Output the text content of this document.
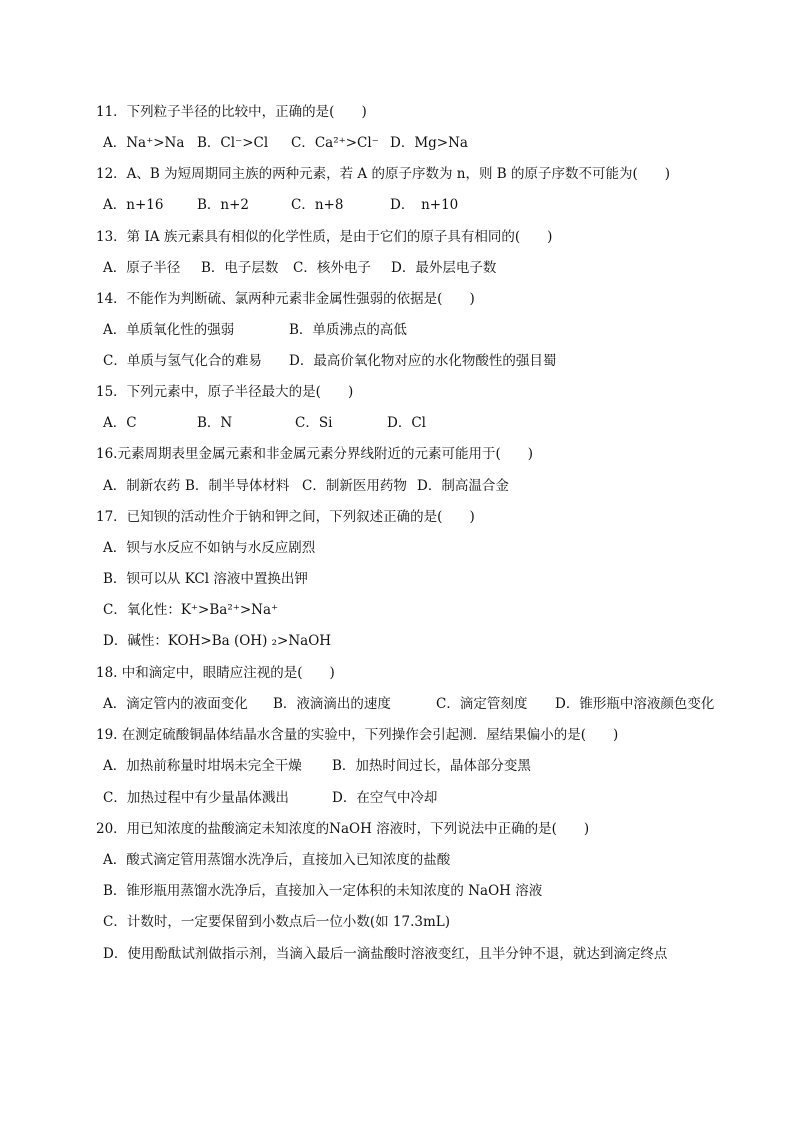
11．下列粒子半径的比较中，正确的是(　　)
A．Na⁺>Na B．Cl⁻>Cl C．Ca²⁺>Cl⁻ D．Mg>Na
12．A、B 为短周期同主族的两种元素，若 A 的原子序数为 n，则 B 的原子序数不可能为(　　)
A．n+16 B．n+2	C．n+8	D．　n+10
13．第 IA 族元素具有相似的化学性质，是由于它们的原子具有相同的(　　)
A．原子半径 B．电子层数 C．核外电子 D．最外层电子数
14．不能作为判断硫、氯两种元素非金属性强弱的依据是(　　)
A．单质氧化性的强弱	B．单质沸点的高低
C．单质与氢气化合的难易 D．最高价氧化物对应的水化物酸性的强目蜀
15．下列元素中，原子半径最大的是(　　)
A．C	B．N	C．Si	D．Cl
16.元素周期表里金属元素和非金属元素分界线附近的元素可能用于(　　)
A．制新农药 B．制半导体材料 C．制新医用药物 D．制高温合金
17．已知钡的活动性介于钠和钾之间，下列叙述正确的是(　　)
A．钡与水反应不如钠与水反应剧烈
B．钡可以从 KCl 溶液中置换出钾
C．氧化性：K⁺>Ba²⁺>Na⁺
D．碱性：KOH>Ba (OH) ₂>NaOH
18. 中和滴定中，眼睛应注视的是(　　)
A．滴定管内的液面变化 B．液滴滴出的速度	C．滴定管刻度 D．锥形瓶中溶液颜色变化
19. 在测定硫酸铜晶体结晶水含量的实验中，下列操作会引起测．屋结果偏小的是(　　)
A．加热前称量时坩埚未完全干燥 B．加热时间过长，晶体部分变黑
C．加热过程中有少量晶体溅出	D．在空气中冷却
20．用已知浓度的盐酸滴定未知浓度的NaOH 溶液时，下列说法中正确的是(　　)
A．酸式滴定管用蒸馏水洗净后，直接加入已知浓度的盐酸
B．锥形瓶用蒸馏水洗净后，直接加入一定体积的未知浓度的 NaOH 溶液
C．计数时，一定要保留到小数点后一位小数(如 17.3mL)
D．使用酚酞试剂做指示剂，当滴入最后一滴盐酸时溶液变红，且半分钟不退，就达到滴定终点
